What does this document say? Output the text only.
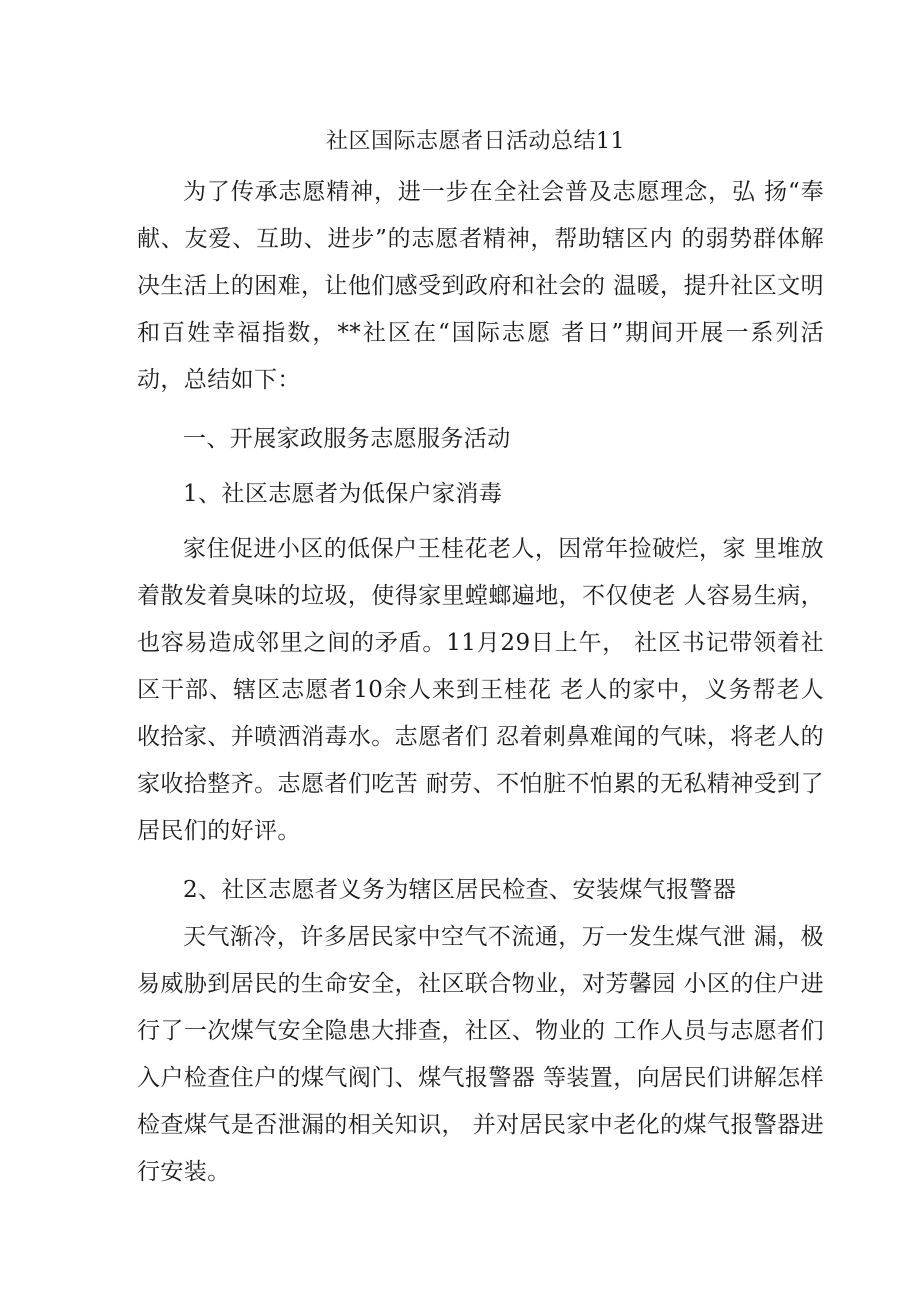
社区国际志愿者日活动总结11

为了传承志愿精神，进一步在全社会普及志愿理念，弘 扬“奉献、友爱、互助、进步”的志愿者精神，帮助辖区内 的弱势群体解决生活上的困难，让他们感受到政府和社会的 温暖，提升社区文明和百姓幸福指数，**社区在“国际志愿 者日”期间开展一系列活动，总结如下：

一、开展家政服务志愿服务活动

1、社区志愿者为低保户家消毒

家住促进小区的低保户王桂花老人，因常年捡破烂，家 里堆放着散发着臭味的垃圾，使得家里螳螂遍地，不仅使老 人容易生病，也容易造成邻里之间的矛盾。11月29日上午， 社区书记带领着社区干部、辖区志愿者10余人来到王桂花 老人的家中，义务帮老人收拾家、并喷洒消毒水。志愿者们 忍着刺鼻难闻的气味，将老人的家收拾整齐。志愿者们吃苦 耐劳、不怕脏不怕累的无私精神受到了居民们的好评。

2、社区志愿者义务为辖区居民检查、安装煤气报警器

天气渐冷，许多居民家中空气不流通，万一发生煤气泄 漏，极易威胁到居民的生命安全，社区联合物业，对芳馨园 小区的住户进行了一次煤气安全隐患大排查，社区、物业的 工作人员与志愿者们入户检查住户的煤气阀门、煤气报警器 等装置，向居民们讲解怎样检查煤气是否泄漏的相关知识， 并对居民家中老化的煤气报警器进行安装。
